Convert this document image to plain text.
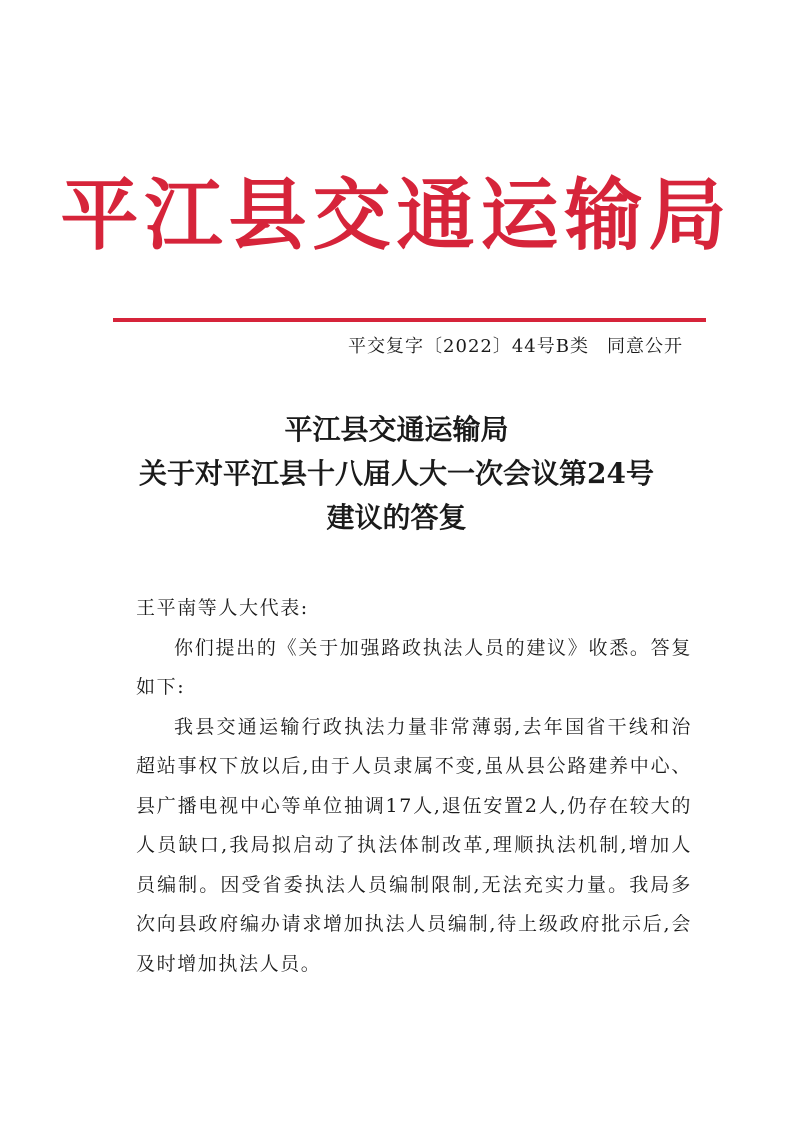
平江县交通运输局
平交复字〔2022〕44号B类 同意公开
平江县交通运输局
关于对平江县十八届人大一次会议第24号
建议的答复

王平南等人大代表:

你们提出的《关于加强路政执法人员的建议》收悉。答复如下:

我县交通运输行政执法力量非常薄弱,去年国省干线和治超站事权下放以后,由于人员隶属不变,虽从县公路建养中心、县广播电视中心等单位抽调17人,退伍安置2人,仍存在较大的人员缺口,我局拟启动了执法体制改革,理顺执法机制,增加人员编制。因受省委执法人员编制限制,无法充实力量。我局多次向县政府编办请求增加执法人员编制,待上级政府批示后,会及时增加执法人员。
